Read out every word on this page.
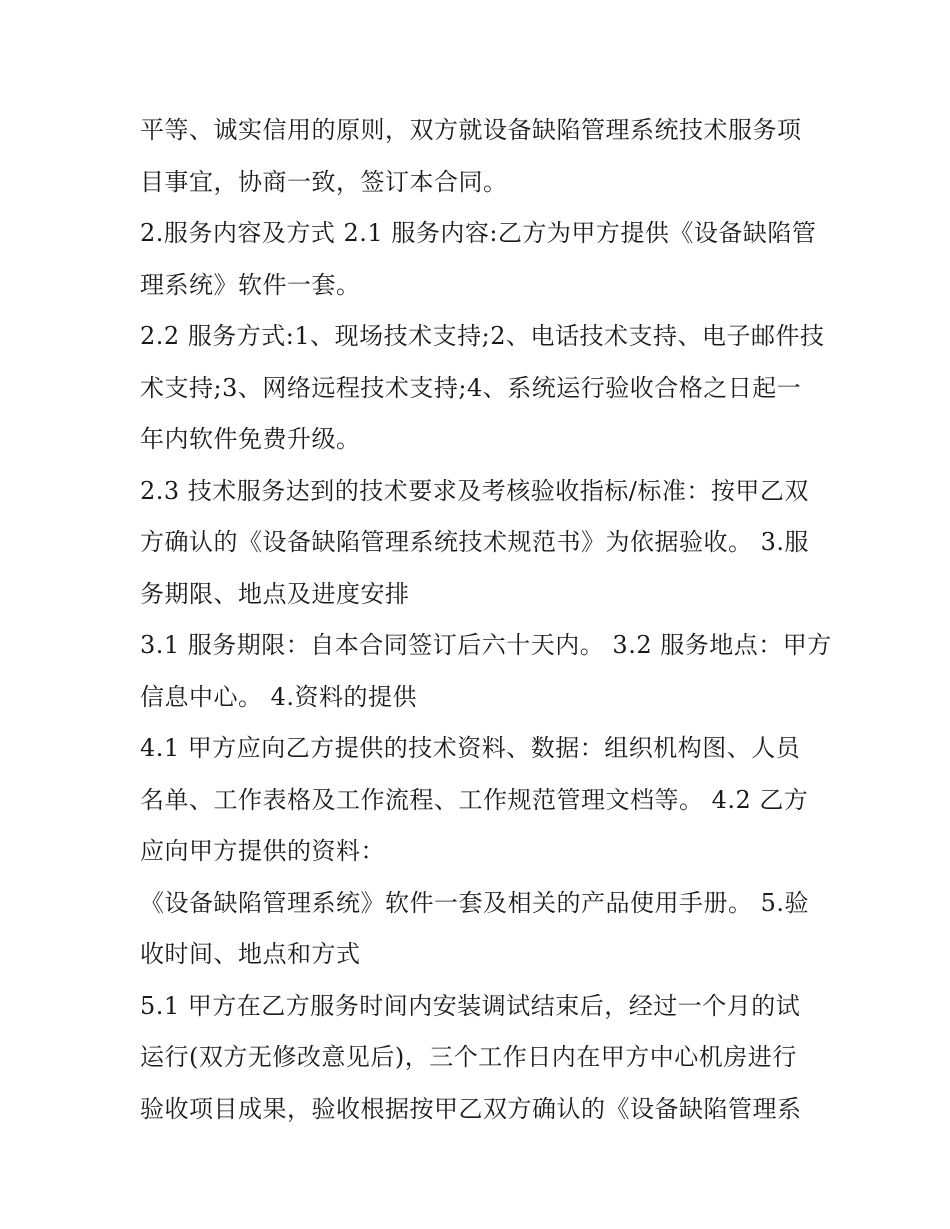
平等、诚实信用的原则，双方就设备缺陷管理系统技术服务项
目事宜，协商一致，签订本合同。
2.服务内容及方式 2.1 服务内容:乙方为甲方提供《设备缺陷管
理系统》软件一套。
2.2 服务方式:1、现场技术支持;2、电话技术支持、电子邮件技
术支持;3、网络远程技术支持;4、系统运行验收合格之日起一
年内软件免费升级。
2.3 技术服务达到的技术要求及考核验收指标/标准：按甲乙双
方确认的《设备缺陷管理系统技术规范书》为依据验收。 3.服
务期限、地点及进度安排
3.1 服务期限：自本合同签订后六十天内。 3.2 服务地点：甲方
信息中心。 4.资料的提供
4.1 甲方应向乙方提供的技术资料、数据：组织机构图、人员
名单、工作表格及工作流程、工作规范管理文档等。 4.2 乙方
应向甲方提供的资料：
《设备缺陷管理系统》软件一套及相关的产品使用手册。 5.验
收时间、地点和方式
5.1 甲方在乙方服务时间内安装调试结束后，经过一个月的试
运行(双方无修改意见后)，三个工作日内在甲方中心机房进行
验收项目成果，验收根据按甲乙双方确认的《设备缺陷管理系
